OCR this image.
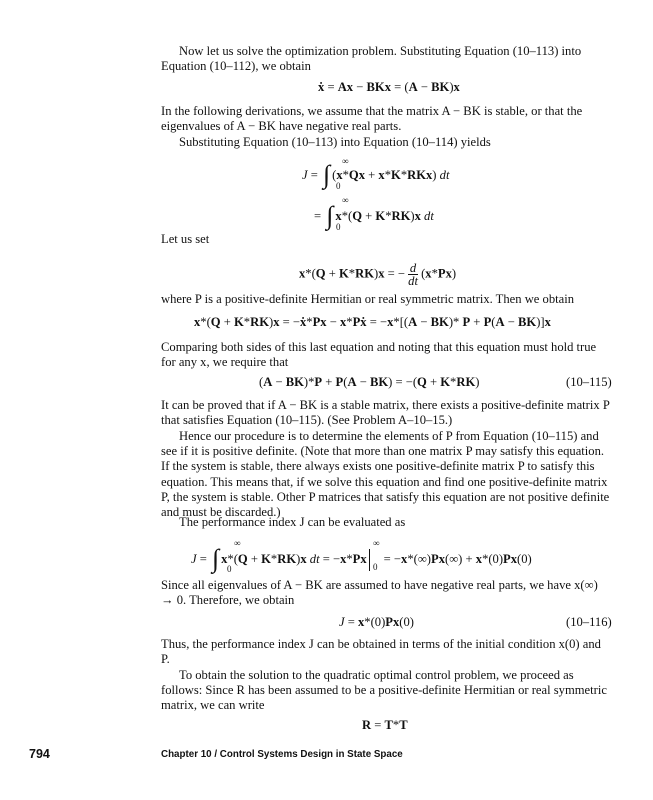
Now let us solve the optimization problem. Substituting Equation (10–113) into Equation (10–112), we obtain

ẋ = Ax − BKx = (A − BK)x

In the following derivations, we assume that the matrix A − BK is stable, or that the eigenvalues of A − BK have negative real parts.

Substituting Equation (10–113) into Equation (10–114) yields

J = ∫ (x*Qx + x*K*RKx) dt
∞
0
= ∫ x*(Q + K*RK)x dt
∞
0

Let us set

x*(Q + K*RK)x = − $\frac{d}{dt} (x*Px)$

where P is a positive-definite Hermitian or real symmetric matrix. Then we obtain

x*(Q + K*RK)x = −ẋ*Px − x*Pẋ = −x*[(A − BK)* P + P(A − BK)]x

Comparing both sides of this last equation and noting that this equation must hold true for any x, we require that

(A − BK)*P + P(A − BK) = −(Q + K*RK)	(10–115)

It can be proved that if A − BK is a stable matrix, there exists a positive-definite matrix P that satisfies Equation (10–115). (See Problem A–10–15.)

Hence our procedure is to determine the elements of P from Equation (10–115) and see if it is positive definite. (Note that more than one matrix P may satisfy this equation. If the system is stable, there always exists one positive-definite matrix P to satisfy this equation. This means that, if we solve this equation and find one positive-definite matrix P, the system is stable. Other P matrices that satisfy this equation are not positive definite and must be discarded.)

The performance index J can be evaluated as

J = ∫ x*(Q + K*RK)x dt = −x*Px = −x*(∞)Px(∞) + x*(0)Px(0)
∞
0
∞
0

Since all eigenvalues of A − BK are assumed to have negative real parts, we have x(∞) → 0. Therefore, we obtain

J = x*(0)Px(0)	(10–116)

Thus, the performance index J can be obtained in terms of the initial condition x(0) and P.

To obtain the solution to the quadratic optimal control problem, we proceed as follows: Since R has been assumed to be a positive-definite Hermitian or real symmetric matrix, we can write

R = T*T
794	Chapter 10 / Control Systems Design in State Space
